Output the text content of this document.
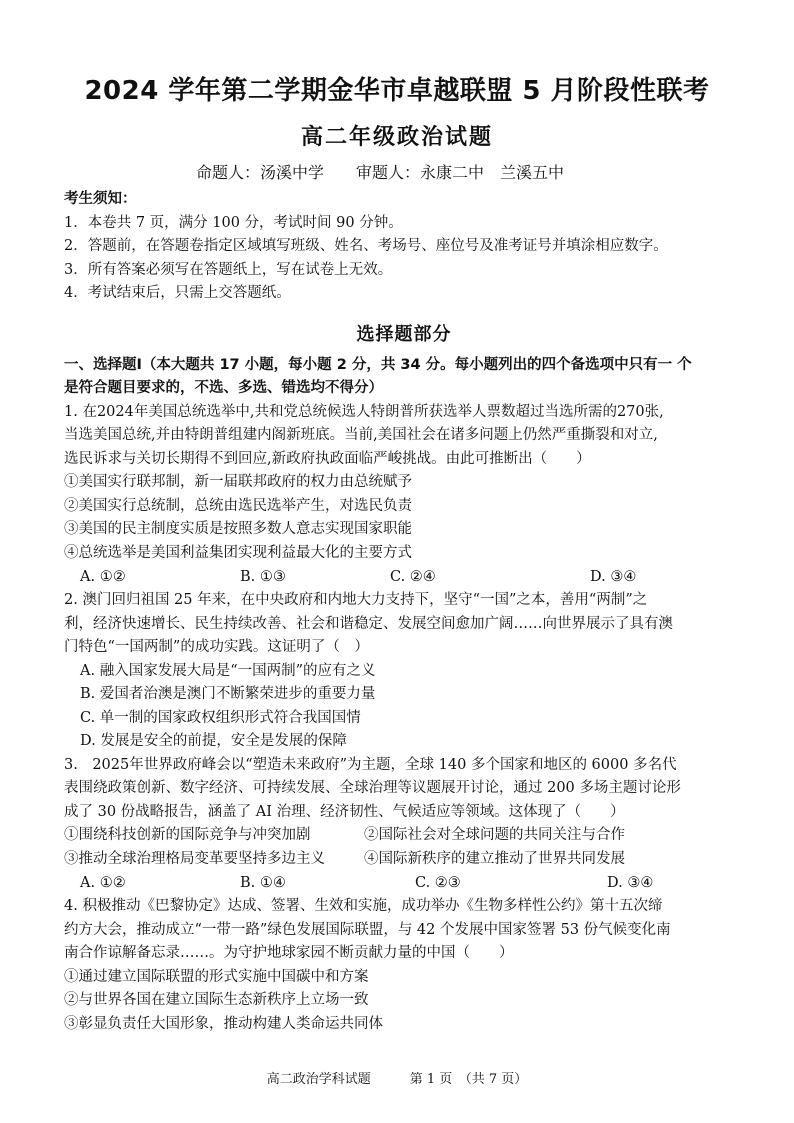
2024 学年第二学期金华市卓越联盟 5 月阶段性联考
高二年级政治试题
命题人：汤溪中学　　审题人：永康二中　兰溪五中
考生须知：
1．本卷共 7 页，满分 100 分，考试时间 90 分钟。
2．答题前，在答题卷指定区域填写班级、姓名、考场号、座位号及准考证号并填涂相应数字。
3．所有答案必须写在答题纸上，写在试卷上无效。
4．考试结束后，只需上交答题纸。
选择题部分
一、选择题Ⅰ（本大题共 17 小题，每小题 2 分，共 34 分。每小题列出的四个备选项中只有一 个
是符合题目要求的，不选、多选、错选均不得分）
1. 在2024年美国总统选举中,共和党总统候选人特朗普所获选举人票数超过当选所需的270张,
当选美国总统,并由特朗普组建内阁新班底。当前,美国社会在诸多问题上仍然严重撕裂和对立,
选民诉求与关切长期得不到回应,新政府执政面临严峻挑战。由此可推断出（　　）
①美国实行联邦制，新一届联邦政府的权力由总统赋予
②美国实行总统制，总统由选民选举产生，对选民负责
③美国的民主制度实质是按照多数人意志实现国家职能
④总统选举是美国利益集团实现利益最大化的主要方式
A. ①②	B. ①③	C. ②④	D. ③④
2. 澳门回归祖国 25 年来，在中央政府和内地大力支持下，坚守“一国”之本，善用“两制”之
利，经济快速增长、民生持续改善、社会和谐稳定、发展空间愈加广阔……向世界展示了具有澳
门特色“一国两制”的成功实践。这证明了（　）
A. 融入国家发展大局是“一国两制”的应有之义
B. 爱国者治澳是澳门不断繁荣进步的重要力量
C. 单一制的国家政权组织形式符合我国国情
D. 发展是安全的前提，安全是发展的保障
3.　2025年世界政府峰会以“塑造未来政府”为主题，全球 140 多个国家和地区的 6000 多名代
表围绕政策创新、数字经济、可持续发展、全球治理等议题展开讨论，通过 200 多场主题讨论形
成了 30 份战略报告，涵盖了 AI 治理、经济韧性、气候适应等领域。这体现了（　　）
①围绕科技创新的国际竞争与冲突加剧	②国际社会对全球问题的共同关注与合作
③推动全球治理格局变革要坚持多边主义	④国际新秩序的建立推动了世界共同发展
A. ①②	B. ①④	C. ②③	D. ③④
4. 积极推动《巴黎协定》达成、签署、生效和实施，成功举办《生物多样性公约》第十五次缔
约方大会，推动成立“一带一路”绿色发展国际联盟，与 42 个发展中国家签署 53 份气候变化南
南合作谅解备忘录……。为守护地球家园不断贡献力量的中国（　　）
①通过建立国际联盟的形式实施中国碳中和方案
②与世界各国在建立国际生态新秩序上立场一致
③彰显负责任大国形象，推动构建人类命运共同体
高二政治学科试题　　　第 1 页　（共 7 页）
